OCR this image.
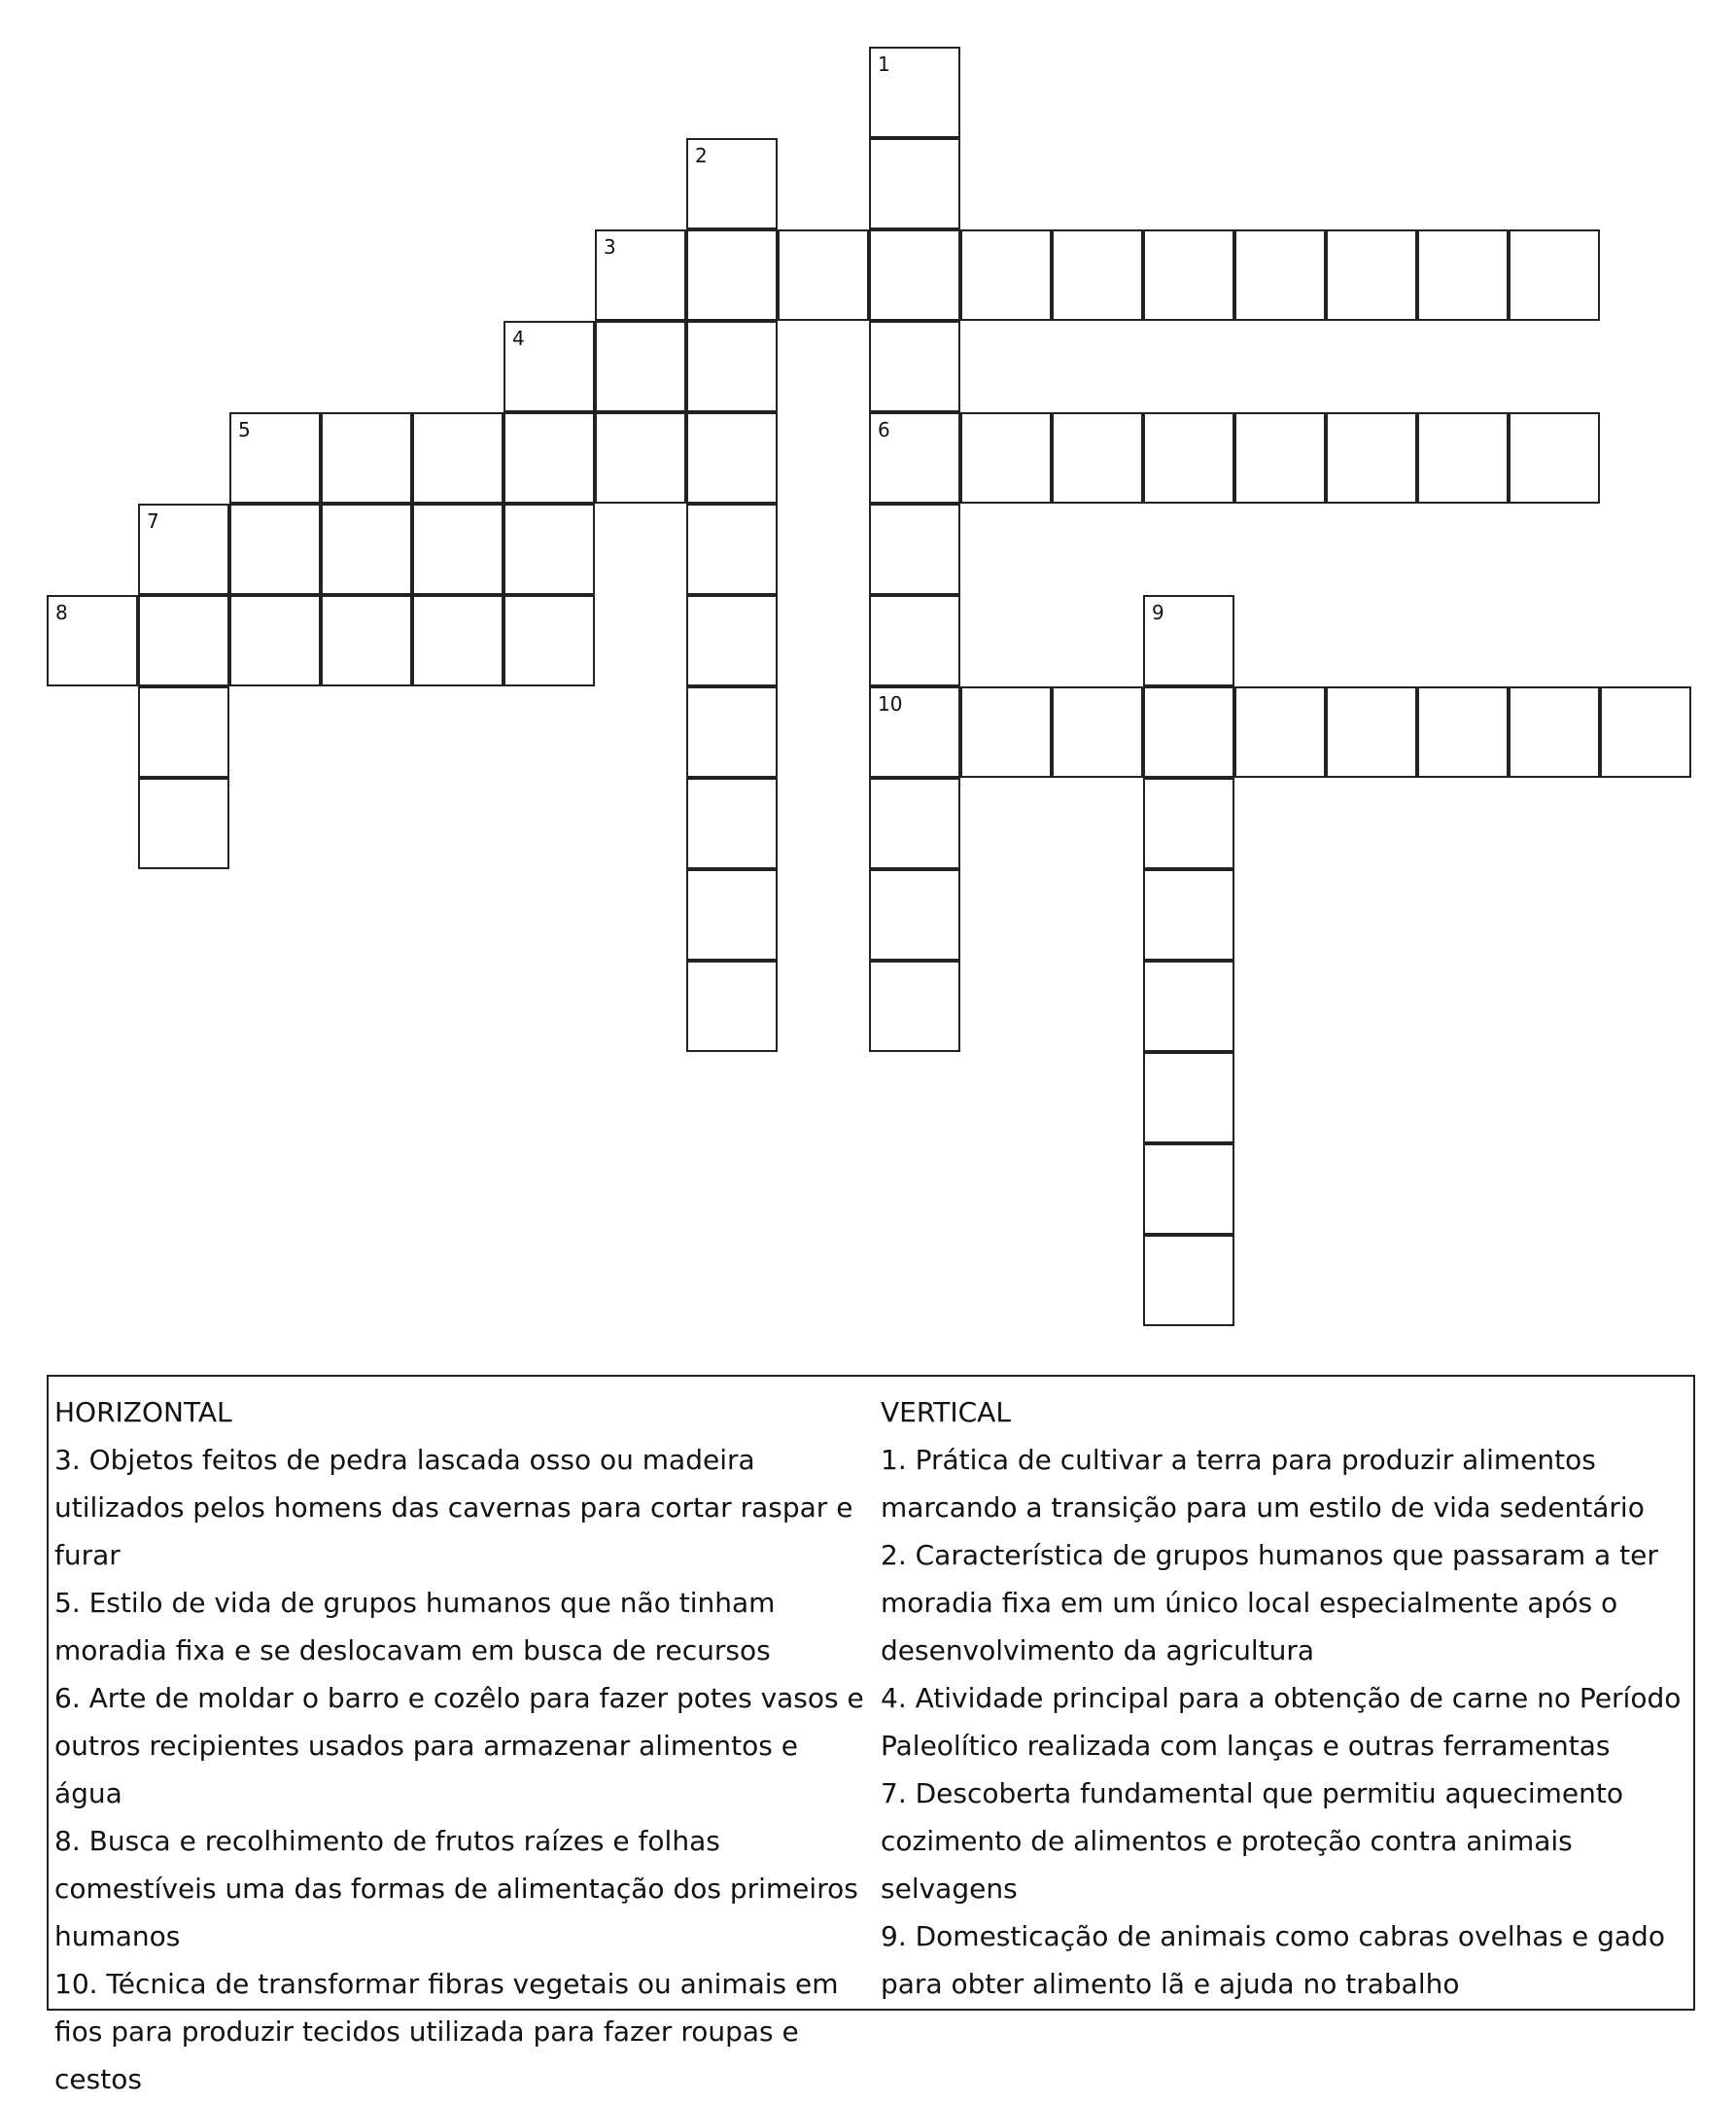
1
2
3
4
5	6
7
8	9
10
HORIZONTAL
3. Objetos feitos de pedra lascada osso ou madeira utilizados pelos homens das cavernas para cortar raspar e furar
5. Estilo de vida de grupos humanos que não tinham moradia fixa e se deslocavam em busca de recursos
6. Arte de moldar o barro e cozêlo para fazer potes vasos e outros recipientes usados para armazenar alimentos e água
8. Busca e recolhimento de frutos raízes e folhas comestíveis uma das formas de alimentação dos primeiros humanos
10. Técnica de transformar fibras vegetais ou animais em fios para produzir tecidos utilizada para fazer roupas e cestos
VERTICAL
1. Prática de cultivar a terra para produzir alimentos marcando a transição para um estilo de vida sedentário
2. Característica de grupos humanos que passaram a ter moradia fixa em um único local especialmente após o desenvolvimento da agricultura
4. Atividade principal para a obtenção de carne no Período Paleolítico realizada com lanças e outras ferramentas
7. Descoberta fundamental que permitiu aquecimento cozimento de alimentos e proteção contra animais selvagens
9. Domesticação de animais como cabras ovelhas e gado para obter alimento lã e ajuda no trabalho
